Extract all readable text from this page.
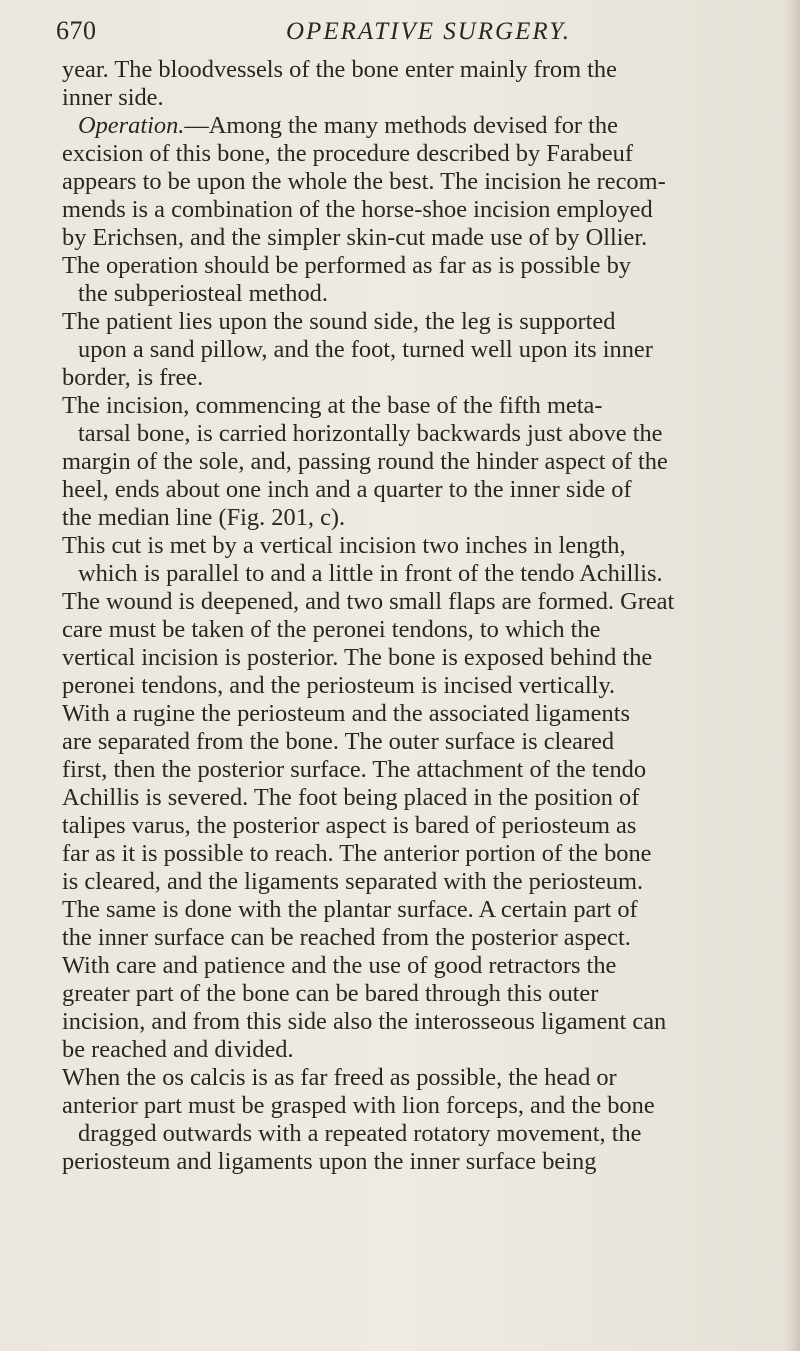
670	OPERATIVE SURGERY.
year. The bloodvessels of the bone enter mainly from the
inner side.
Operation.—Among the many methods devised for the
excision of this bone, the procedure described by Farabeuf
appears to be upon the whole the best. The incision he recom-
mends is a combination of the horse-shoe incision employed
by Erichsen, and the simpler skin-cut made use of by Ollier.
The operation should be performed as far as is possible by
the subperiosteal method.
The patient lies upon the sound side, the leg is supported
upon a sand pillow, and the foot, turned well upon its inner
border, is free.
The incision, commencing at the base of the fifth meta-
tarsal bone, is carried horizontally backwards just above the
margin of the sole, and, passing round the hinder aspect of the
heel, ends about one inch and a quarter to the inner side of
the median line (Fig. 201, c).
This cut is met by a vertical incision two inches in length,
which is parallel to and a little in front of the tendo Achillis.
The wound is deepened, and two small flaps are formed. Great
care must be taken of the peronei tendons, to which the
vertical incision is posterior. The bone is exposed behind the
peronei tendons, and the periosteum is incised vertically.
With a rugine the periosteum and the associated ligaments
are separated from the bone. The outer surface is cleared
first, then the posterior surface. The attachment of the tendo
Achillis is severed. The foot being placed in the position of
talipes varus, the posterior aspect is bared of periosteum as
far as it is possible to reach. The anterior portion of the bone
is cleared, and the ligaments separated with the periosteum.
The same is done with the plantar surface. A certain part of
the inner surface can be reached from the posterior aspect.
With care and patience and the use of good retractors the
greater part of the bone can be bared through this outer
incision, and from this side also the interosseous ligament can
be reached and divided.
When the os calcis is as far freed as possible, the head or
anterior part must be grasped with lion forceps, and the bone
dragged outwards with a repeated rotatory movement, the
periosteum and ligaments upon the inner surface being
